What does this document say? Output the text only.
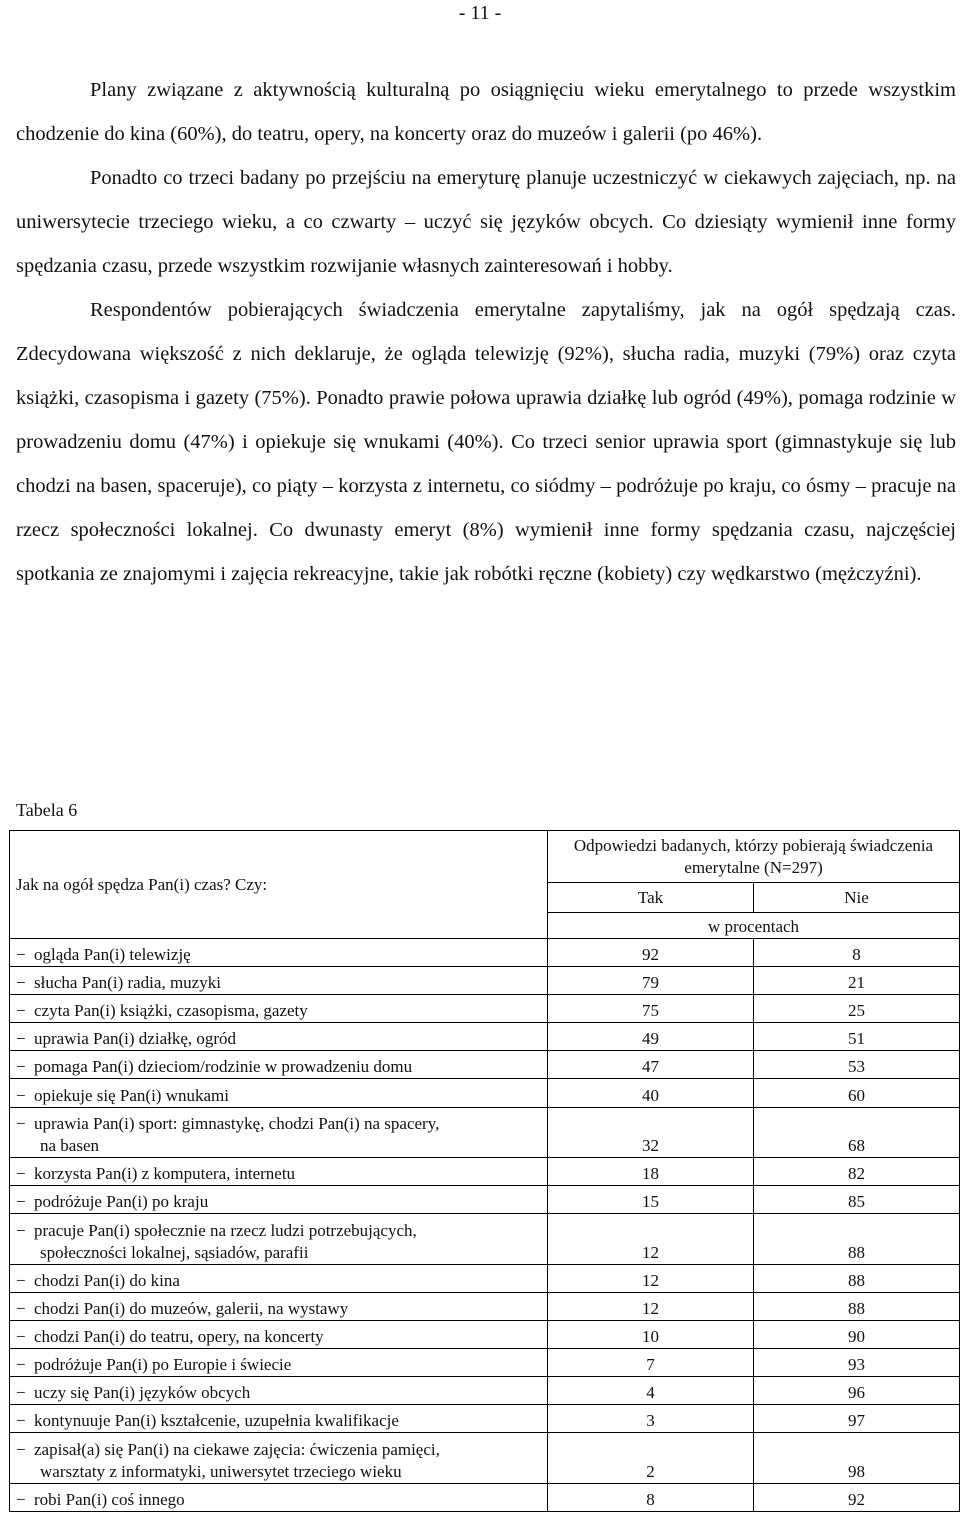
- 11 -

Plany związane z aktywnością kulturalną po osiągnięciu wieku emerytalnego to przede wszystkim chodzenie do kina (60%), do teatru, opery, na koncerty oraz do muzeów i galerii (po 46%).

Ponadto co trzeci badany po przejściu na emeryturę planuje uczestniczyć w ciekawych zajęciach, np. na uniwersytecie trzeciego wieku, a co czwarty – uczyć się języków obcych. Co dziesiąty wymienił inne formy spędzania czasu, przede wszystkim rozwijanie własnych zainteresowań i hobby.

Respondentów pobierających świadczenia emerytalne zapytaliśmy, jak na ogół spędzają czas. Zdecydowana większość z nich deklaruje, że ogląda telewizję (92%), słucha radia, muzyki (79%) oraz czyta książki, czasopisma i gazety (75%). Ponadto prawie połowa uprawia działkę lub ogród (49%), pomaga rodzinie w prowadzeniu domu (47%) i opiekuje się wnukami (40%). Co trzeci senior uprawia sport (gimnastykuje się lub chodzi na basen, spaceruje), co piąty – korzysta z internetu, co siódmy – podróżuje po kraju, co ósmy – pracuje na rzecz społeczności lokalnej. Co dwunasty emeryt (8%) wymienił inne formy spędzania czasu, najczęściej spotkania ze znajomymi i zajęcia rekreacyjne, takie jak robótki ręczne (kobiety) czy wędkarstwo (mężczyźni).

Tabela 6
Jak na ogół spędza Pan(i) czas? Czy:	Odpowiedzi badanych, którzy pobierają świadczenia emerytalne (N=297)	
	Tak	Nie
	w procentach	
− ogląda Pan(i) telewizję	92	8
− słucha Pan(i) radia, muzyki	79	21
− czyta Pan(i) książki, czasopisma, gazety	75	25
− uprawia Pan(i) działkę, ogród	49	51
− pomaga Pan(i) dzieciom/rodzinie w prowadzeniu domu	47	53
− opiekuje się Pan(i) wnukami	40	60
− uprawia Pan(i) sport: gimnastykę, chodzi Pan(i) na spacery,
na basen	32	68
− korzysta Pan(i) z komputera, internetu	18	82
− podróżuje Pan(i) po kraju	15	85
− pracuje Pan(i) społecznie na rzecz ludzi potrzebujących,
społeczności lokalnej, sąsiadów, parafii	12	88
− chodzi Pan(i) do kina	12	88
− chodzi Pan(i) do muzeów, galerii, na wystawy	12	88
− chodzi Pan(i) do teatru, opery, na koncerty	10	90
− podróżuje Pan(i) po Europie i świecie	7	93
− uczy się Pan(i) języków obcych	4	96
− kontynuuje Pan(i) kształcenie, uzupełnia kwalifikacje	3	97
− zapisał(a) się Pan(i) na ciekawe zajęcia: ćwiczenia pamięci,
warsztaty z informatyki, uniwersytet trzeciego wieku	2	98
− robi Pan(i) coś innego	8	92
